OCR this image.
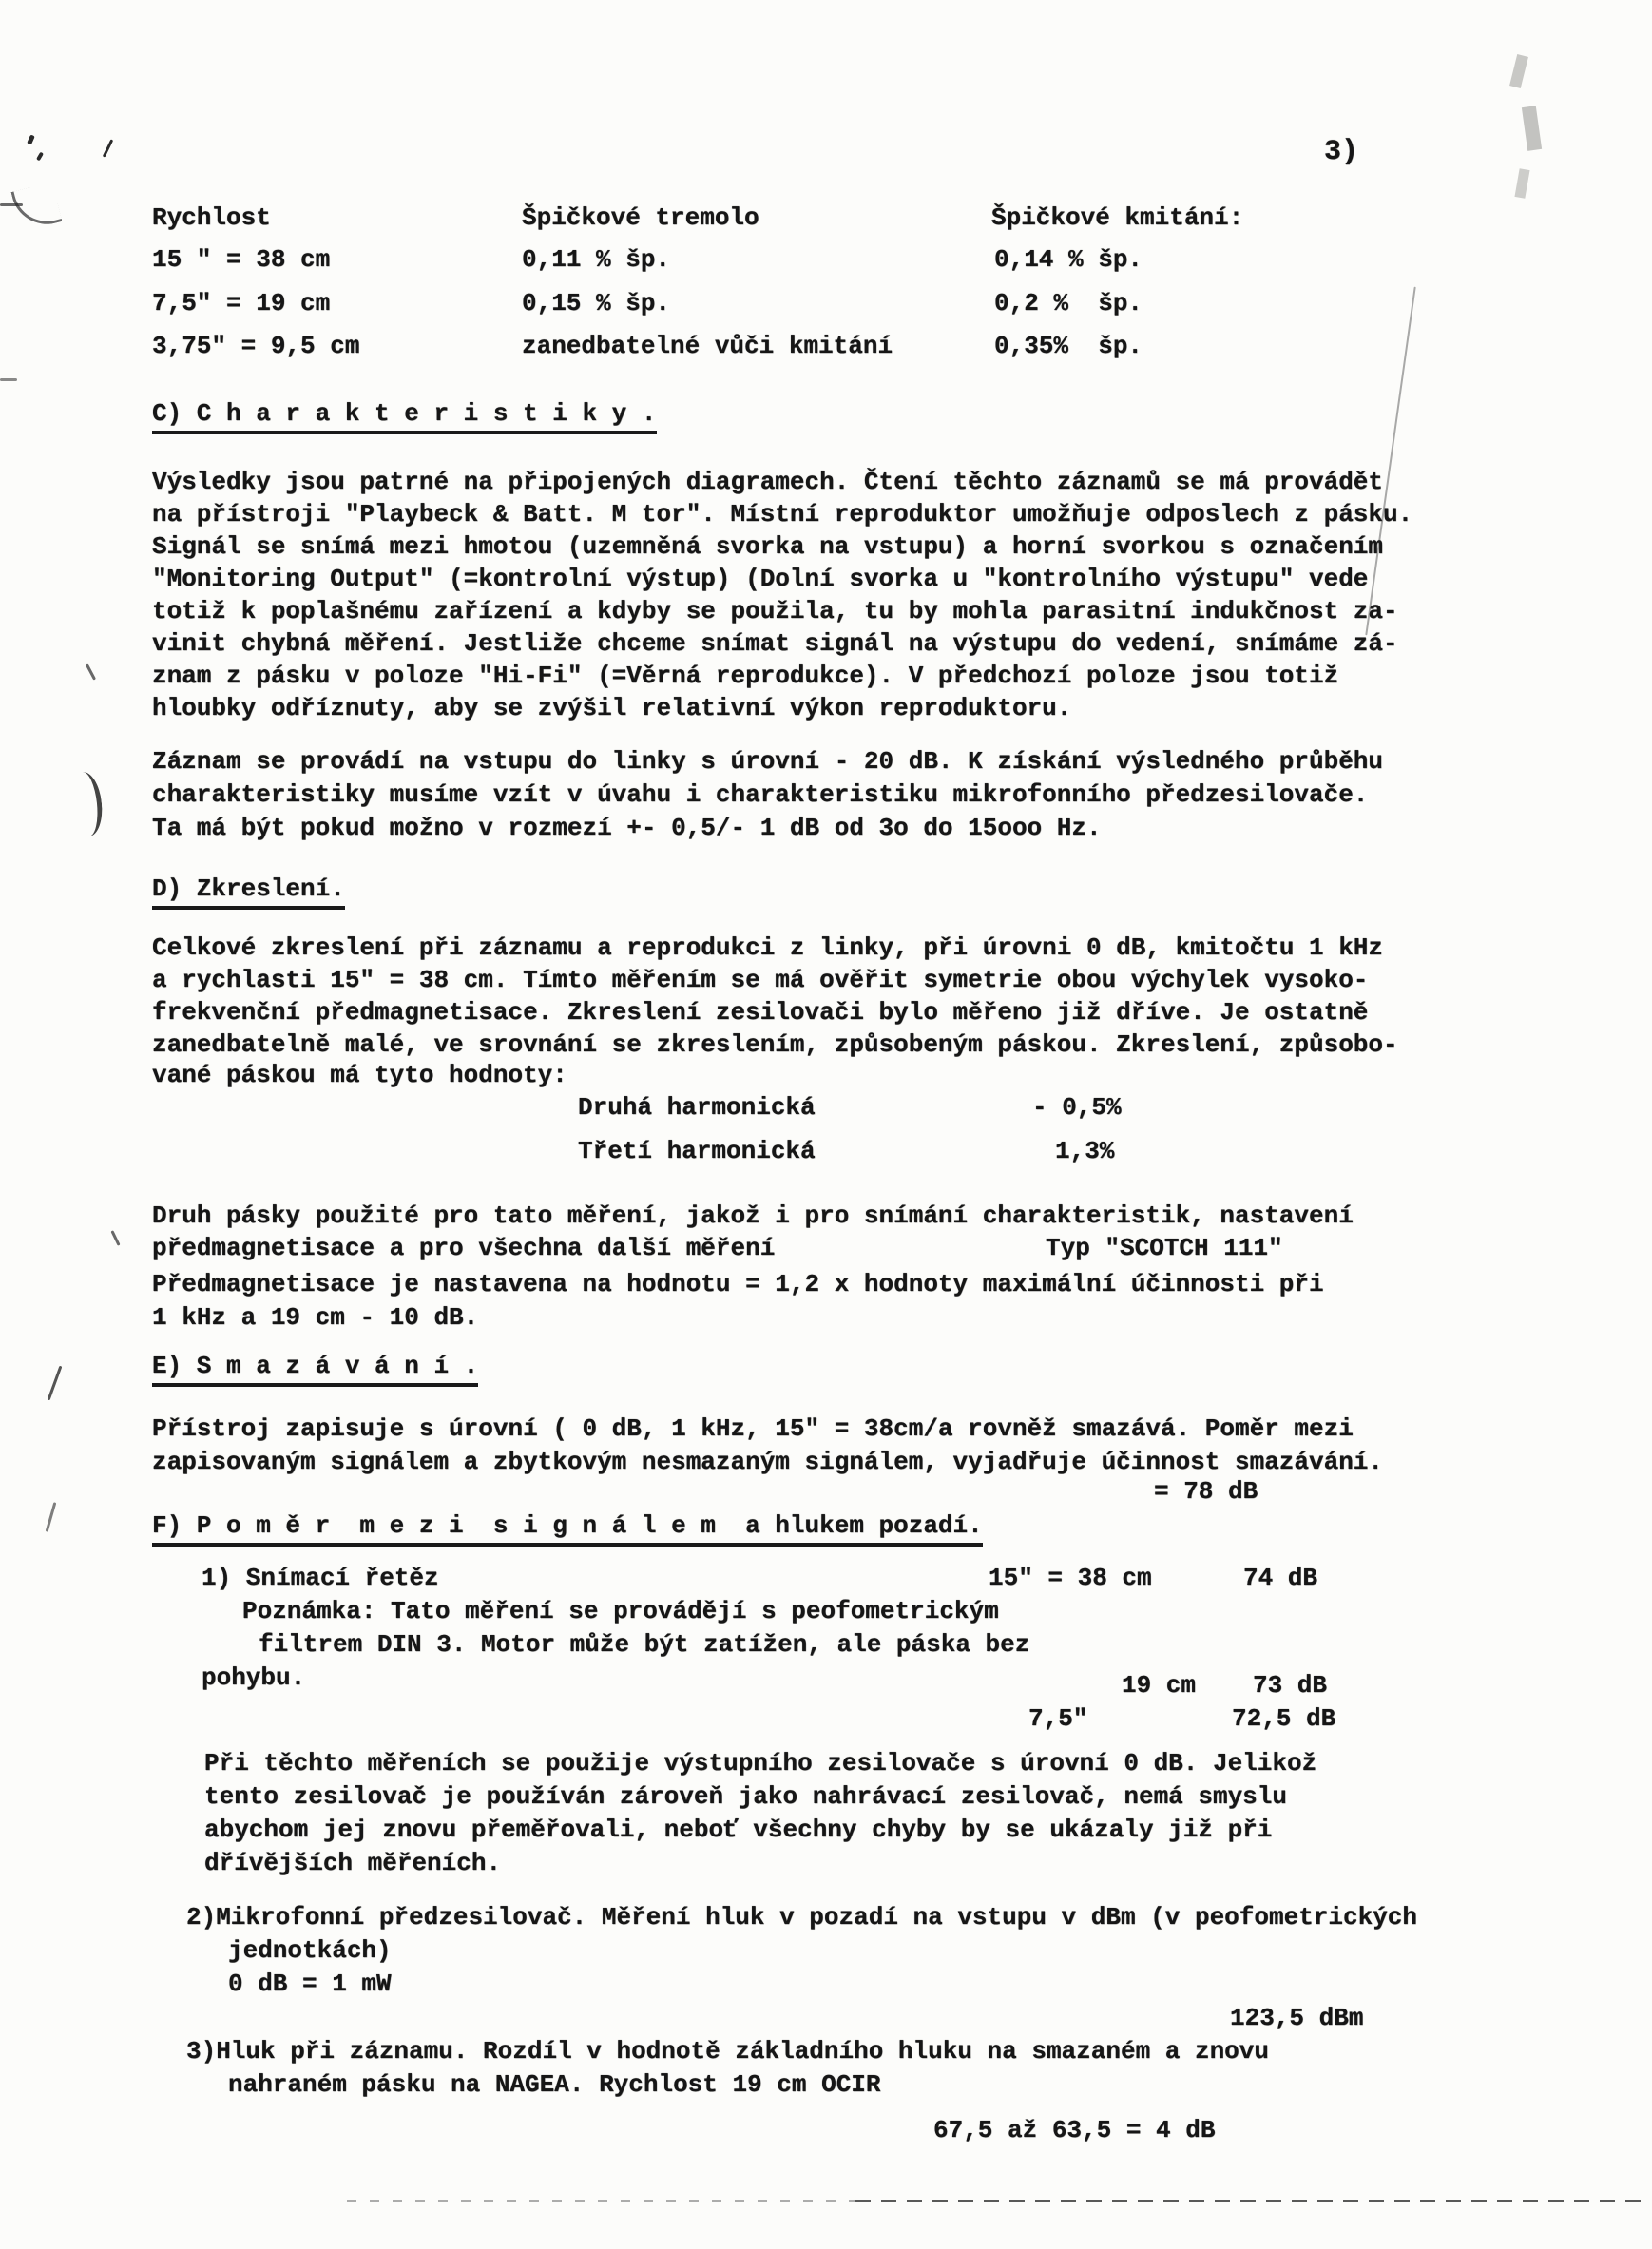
3)
Rychlost	Špičkové tremolo	Špičkové kmitání:
15 " = 38 cm	0,11 % šp.	0,14 % šp.
7,5" = 19 cm	0,15 % šp.	0,2 %  šp.
3,75" = 9,5 cm	zanedbatelné vůči kmitání	0,35%  šp.
C) C h a r a k t e r i s t i k y .
Výsledky jsou patrné na připojených diagramech. Čtení těchto záznamů se má provádět
na přístroji "Playbeck & Batt. M tor". Místní reproduktor umožňuje odposlech z pásku.
Signál se snímá mezi hmotou (uzemněná svorka na vstupu) a horní svorkou s označením
"Monitoring Output" (=kontrolní výstup) (Dolní svorka u "kontrolního výstupu" vede
totiž k poplašnému zařízení a kdyby se použila, tu by mohla parasitní indukčnost za-
vinit chybná měření. Jestliže chceme snímat signál na výstupu do vedení, snímáme zá-
znam z pásku v poloze "Hi-Fi" (=Věrná reprodukce). V předchozí poloze jsou totiž
hloubky odříznuty, aby se zvýšil relativní výkon reproduktoru.
Záznam se provádí na vstupu do linky s úrovní - 20 dB. K získání výsledného průběhu
charakteristiky musíme vzít v úvahu i charakteristiku mikrofonního předzesilovače.
Ta má být pokud možno v rozmezí +- 0,5/- 1 dB od 3o do 15ooo Hz.
D) Zkreslení.
Celkové zkreslení při záznamu a reprodukci z linky, při úrovni 0 dB, kmitočtu 1 kHz
a rychlasti 15" = 38 cm. Tímto měřením se má ověřit symetrie obou výchylek vysoko-
frekvenční předmagnetisace. Zkreslení zesilovači bylo měřeno již dříve. Je ostatně
zanedbatelně malé, ve srovnání se zkreslením, způsobeným páskou. Zkreslení, způsobo-
vané páskou má tyto hodnoty:
Druhá harmonická	- 0,5%
Třetí harmonická	1,3%
Druh pásky použité pro tato měření, jakož i pro snímání charakteristik, nastavení
předmagnetisace a pro všechna další měření	Typ "SCOTCH 111"
Předmagnetisace je nastavena na hodnotu = 1,2 x hodnoty maximální účinnosti při
1 kHz a 19 cm - 10 dB.
E) S m a z á v á n í .
Přístroj zapisuje s úrovní ( 0 dB, 1 kHz, 15" = 38cm/a rovněž smazává. Poměr mezi
zapisovaným signálem a zbytkovým nesmazaným signálem, vyjadřuje účinnost smazávání.
= 78 dB
F) P o m ě r  m e z i  s i g n á l e m  a hlukem pozadí.
1) Snímací řetěz	15" = 38 cm	74 dB
Poznámka: Tato měření se provádějí s peofometrickým
filtrem DIN 3. Motor může být zatížen, ale páska bez
pohybu.	19 cm 73 dB
7,5"	72,5 dB
Při těchto měřeních se použije výstupního zesilovače s úrovní 0 dB. Jelikož
tento zesilovač je používán zároveň jako nahrávací zesilovač, nemá smyslu
abychom jej znovu přeměřovali, neboť všechny chyby by se ukázaly již při
dřívějších měřeních.
2)Mikrofonní předzesilovač. Měření hluk v pozadí na vstupu v dBm (v peofometrických
jednotkách)
0 dB = 1 mW
123,5 dBm
3)Hluk při záznamu. Rozdíl v hodnotě základního hluku na smazaném a znovu
nahraném pásku na NAGEA. Rychlost 19 cm OCIR
67,5 až 63,5 = 4 dB
